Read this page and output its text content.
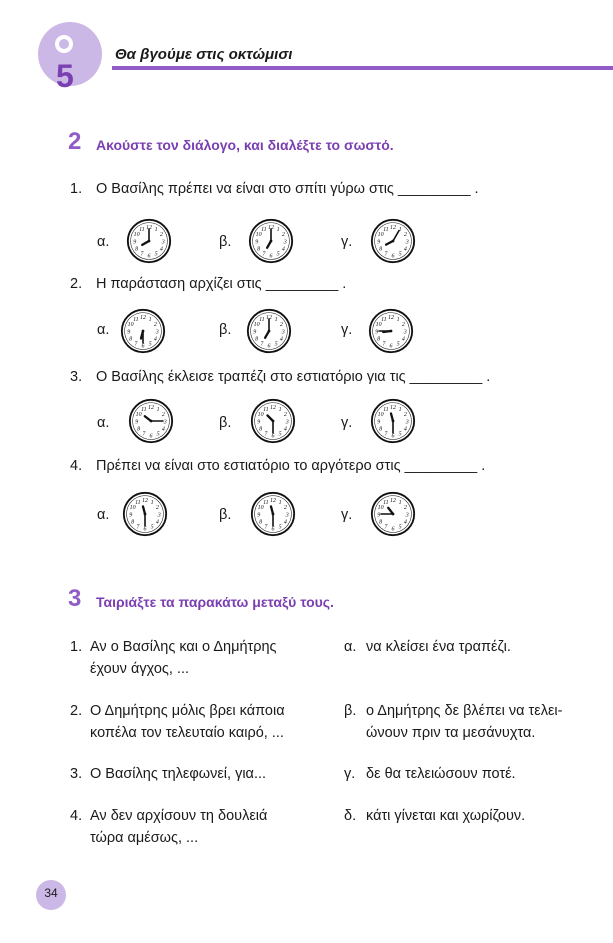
5
Θα βγούμε στις οκτώμισι
2 Ακούστε τον διάλογο, και διαλέξτε το σωστό.
1. Ο Βασίλης πρέπει να είναι στο σπίτι γύρω στις _________ .
α.	β.	γ.
12 1
2
3
4
5
6
7
8
9
10
11	12 1
2
3
4
5
6
7
8
9
10
11	12 1
2
3
4
5
6
7
8
9
10
11
2. Η παράσταση αρχίζει στις _________ .
α.	β.	γ.
12 1
2
3
4
5
6
7
8
9
10
11	12 1
2
3
4
5
6
7
8
9
10
11	12 1
2
3
4
5
6
7
8
9
10
11
3. Ο Βασίλης έκλεισε τραπέζι στο εστιατόριο για τις _________ .
α.	β.	γ.
12 1
2
3
4
5
6
7
8
9
10
11	12 1
2
3
4
5
6
7
8
9
10
11	12 1
2
3
4
5
6
7
8
9
10
11
4. Πρέπει να είναι στο εστιατόριο το αργότερο στις _________ .
α.	β.	γ.
12 1
2
3
4
5
6
7
8
9
10
11	12 1
2
3
4
5
6
7
8
9
10
11	12 1
2
3
4
5
6
7
8
9
10
11
3 Ταιριάξτε τα παρακάτω μεταξύ τους.
1. Αν ο Βασίλης και ο Δημήτρης
έχουν άγχος, ...
2. Ο Δημήτρης μόλις βρει κάποια
κοπέλα τον τελευταίο καιρό, ...
3. Ο Βασίλης τηλεφωνεί, για...
4. Αν δεν αρχίσουν τη δουλειά
τώρα αμέσως, ...
α. να κλείσει ένα τραπέζι.
β. ο Δημήτρης δε βλέπει να τελει-
ώνουν πριν τα μεσάνυχτα.
γ. δε θα τελειώσουν ποτέ.
δ. κάτι γίνεται και χωρίζουν.
34
